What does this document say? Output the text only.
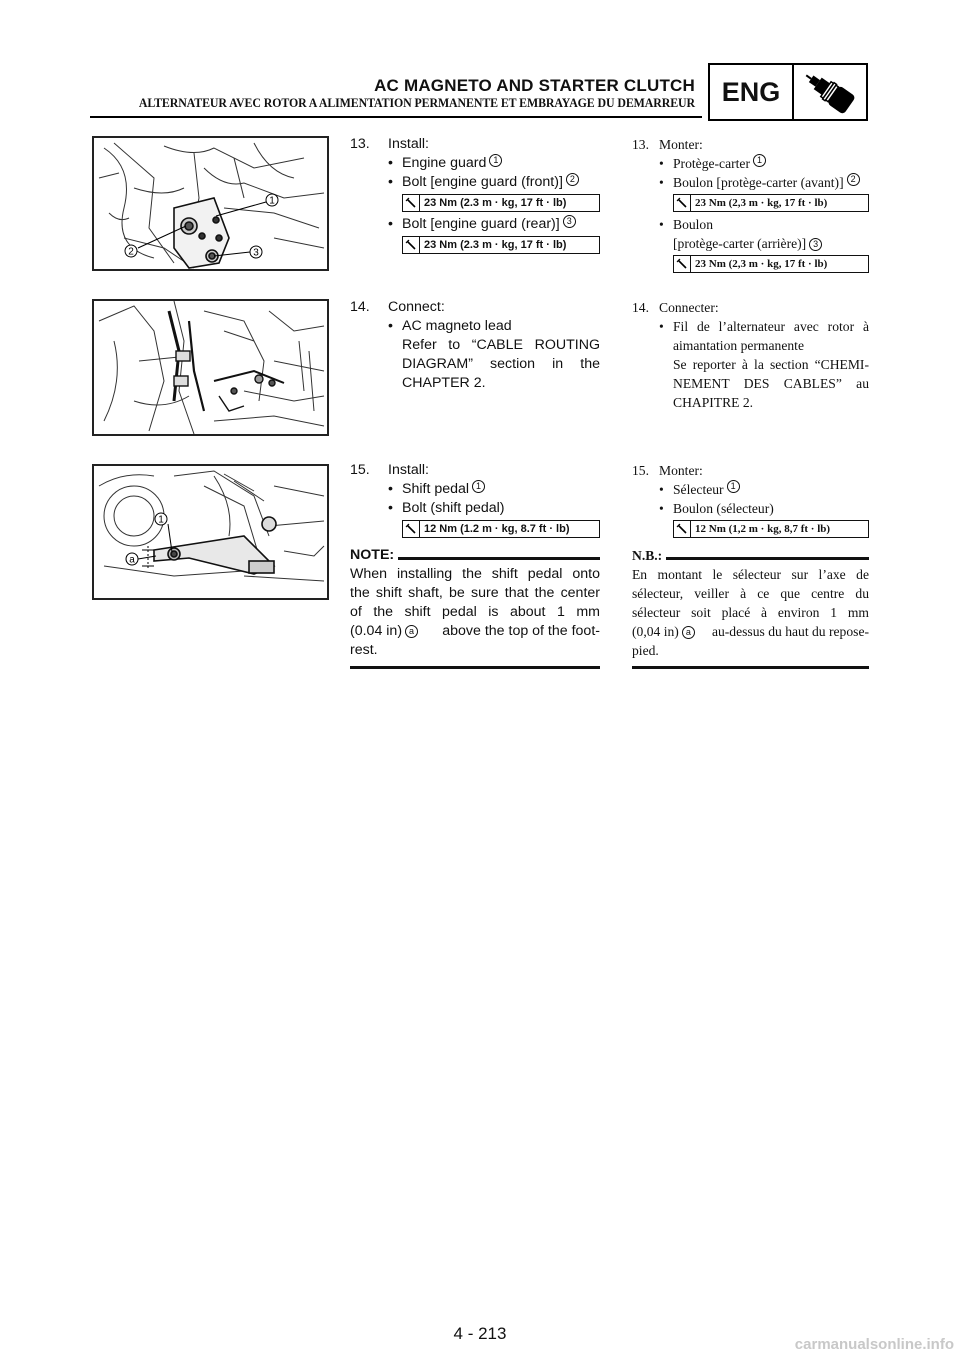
AC MAGNETO AND STARTER CLUTCH
ALTERNATEUR AVEC ROTOR A ALIMENTATION PERMANENTE ET EMBRAYAGE DU DEMARREUR ENG
1
2	3
1
a
13.	Install:
• Engine guard 1
• Bolt [engine guard (front)] 2
23 Nm (2.3 m · kg, 17 ft · lb)
• Bolt [engine guard (rear)] 3
23 Nm (2.3 m · kg, 17 ft · lb)
13. Monter:
• Protège-carter 1
• Boulon [protège-carter (avant)] 2
23 Nm (2,3 m · kg, 17 ft · lb)
• Boulon
[protège-carter (arrière)] 3
23 Nm (2,3 m · kg, 17 ft · lb)
14.	Connect:
• AC magneto lead
Refer to “CABLE ROUTING
DIAGRAM” section in the
CHAPTER 2.
14. Connecter:
• Fil de l’alternateur avec rotor à
aimantation permanente
Se reporter à la section “CHEMI-
NEMENT DES CABLES” au
CHAPITRE 2.
15.	Install:
• Shift pedal 1
• Bolt (shift pedal)
12 Nm (1.2 m · kg, 8.7 ft · lb)
NOTE:
When installing the shift pedal onto
the shift shaft, be sure that the center
of the shift pedal is about 1 mm
(0.04 in) a above the top of the foot-
rest.
15. Monter:
• Sélecteur 1
• Boulon (sélecteur)
12 Nm (1,2 m · kg, 8,7 ft · lb)
N.B.:
En montant le sélecteur sur l’axe de
sélecteur, veiller à ce que centre du
sélecteur soit placé à environ 1 mm
(0,04 in) a au-dessus du haut du repose-
pied.
4 - 213
carmanualsonline.info
